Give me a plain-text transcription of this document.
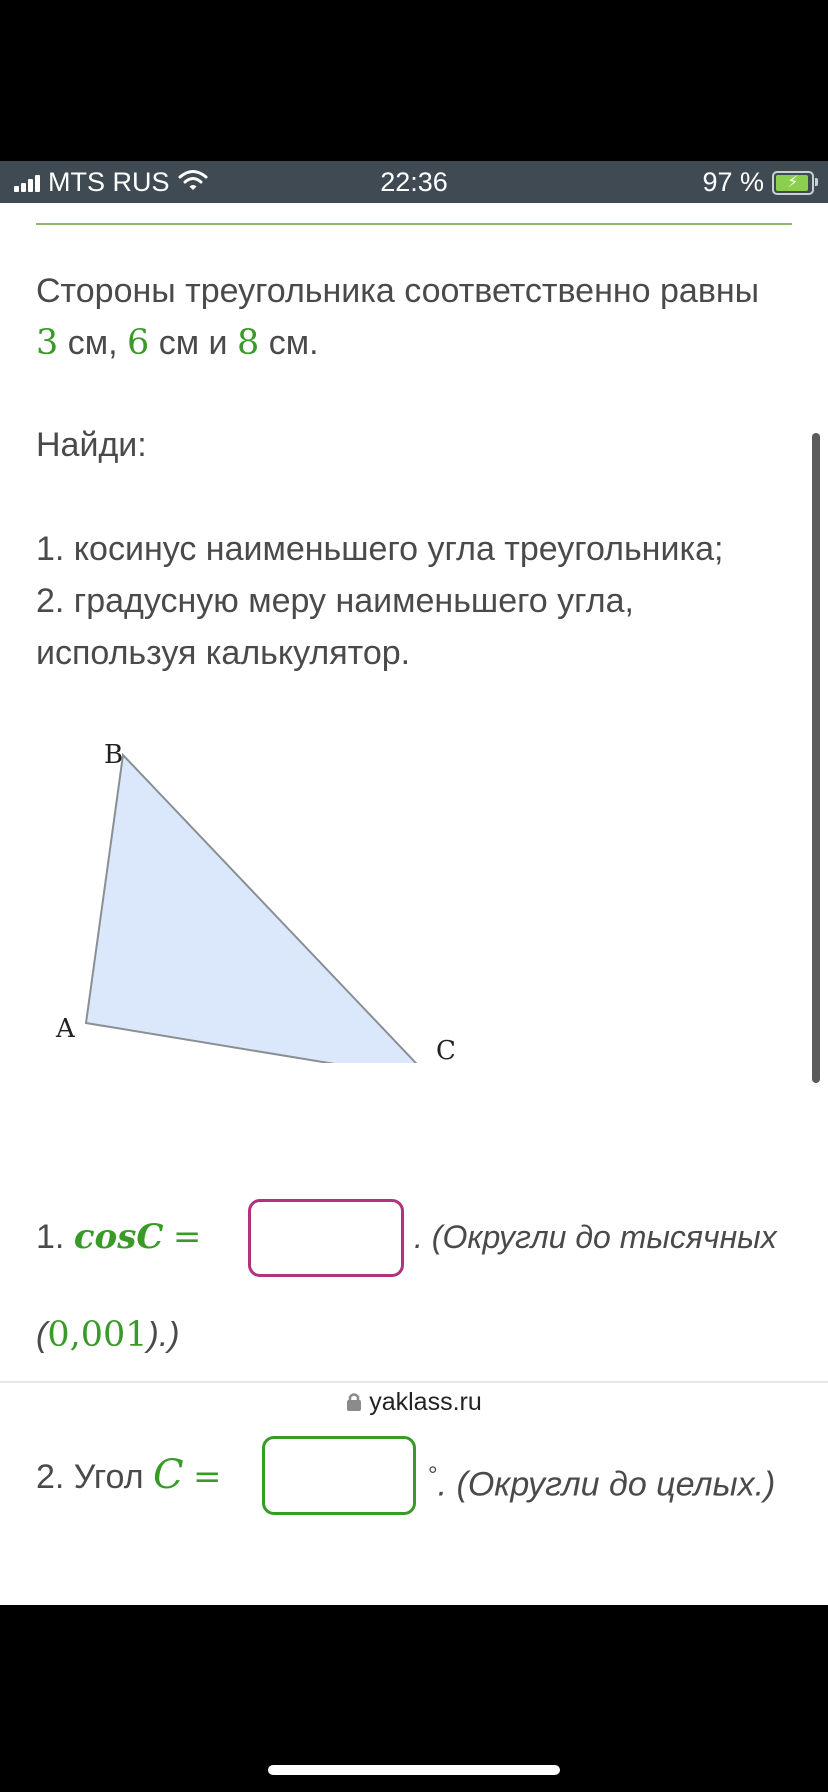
MTS RUS	22:36	97 % ⚡
Стороны треугольника соответственно равны
3 см, 6 см и 8 см.
Найди:
1. косинус наименьшего угла треугольника;
2. градусную меру наименьшего угла,
используя калькулятор.
B
A
C
1. cosC =	. (Округли до тысячных
(0,001).)
2. Угол C =	°. (Округли до целых.)
yaklass.ru
